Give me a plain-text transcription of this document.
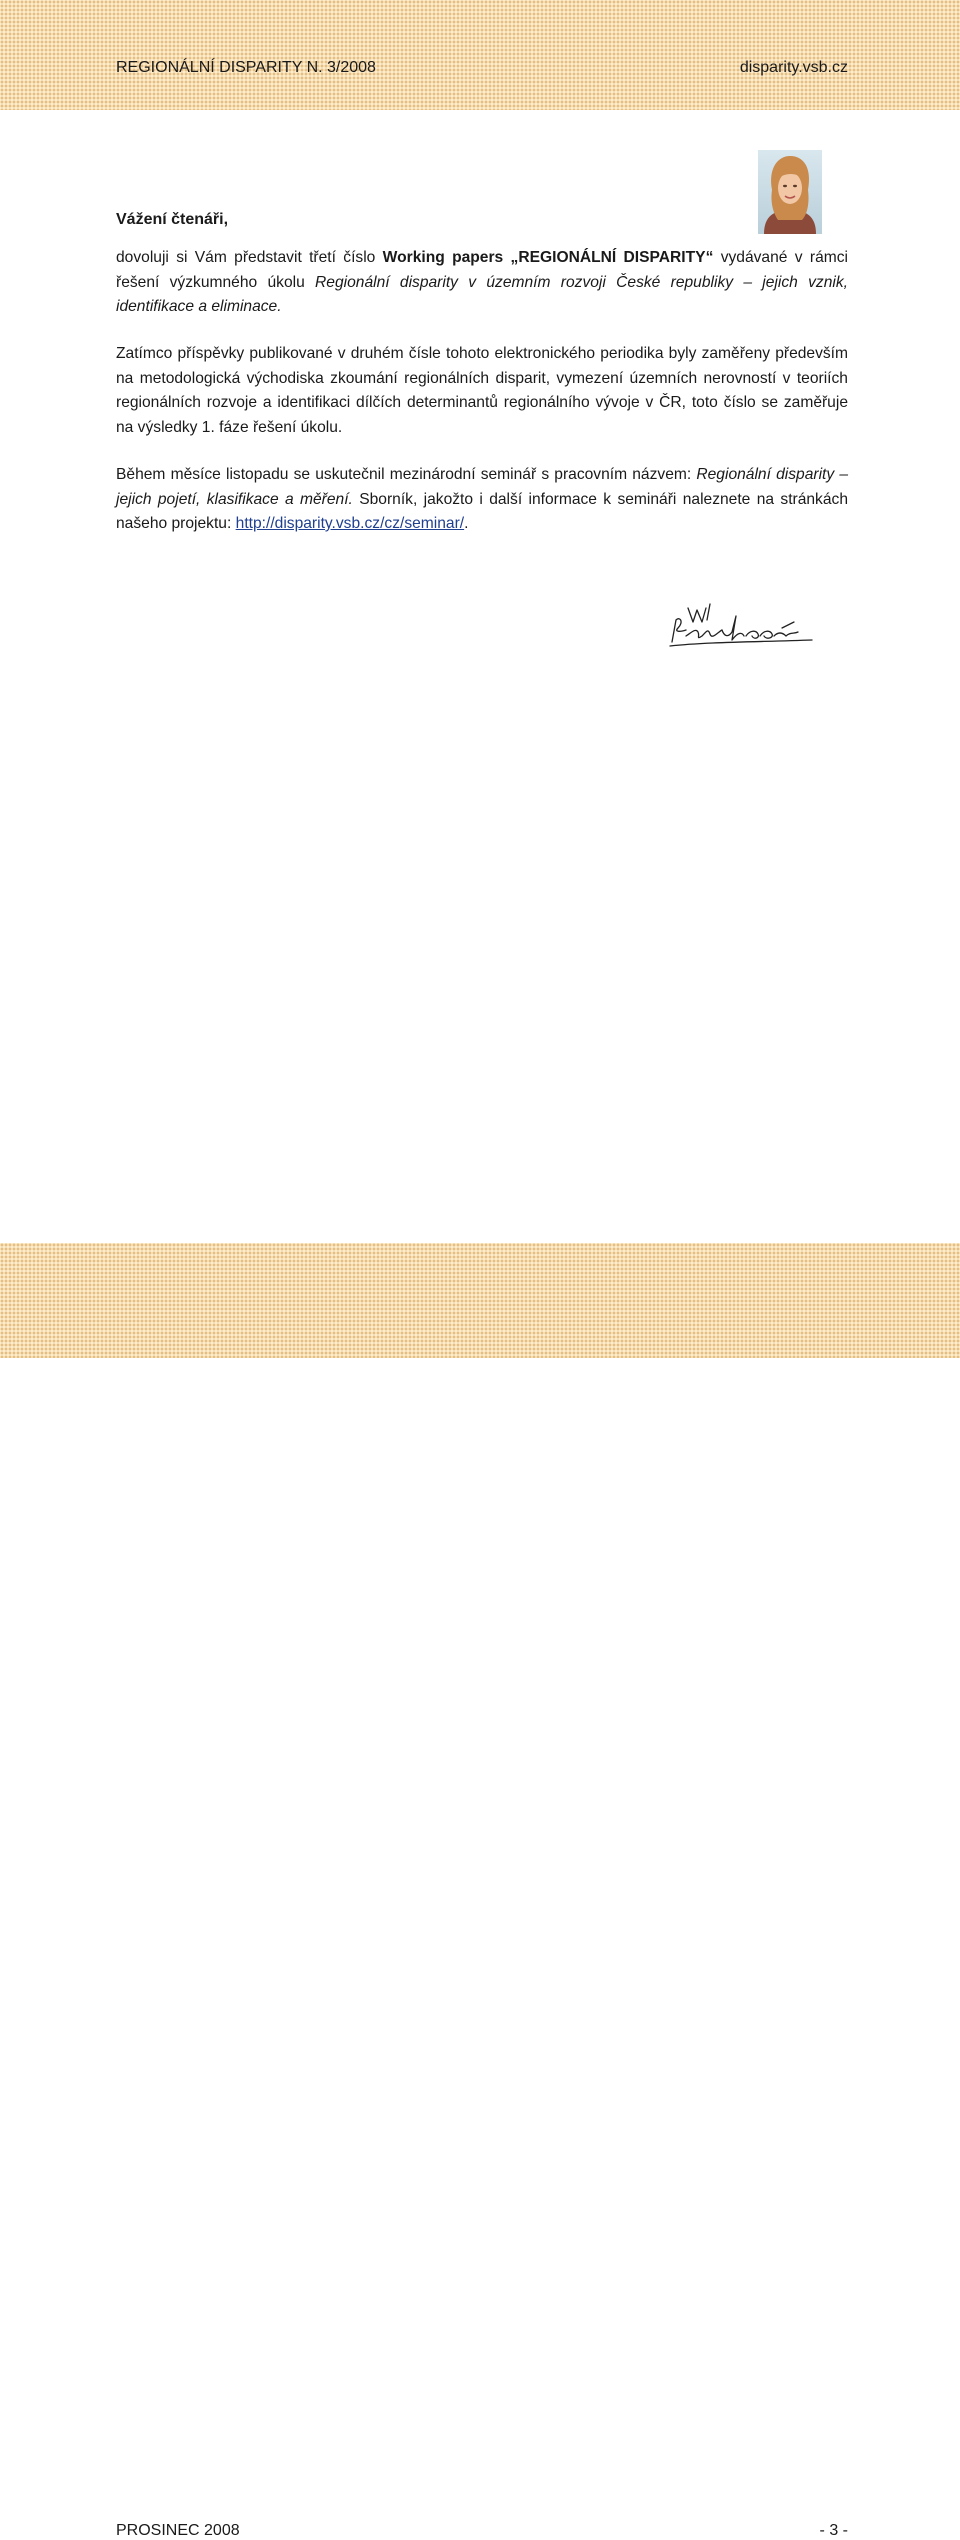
REGIONÁLNÍ DISPARITY N. 3/2008	disparity.vsb.cz
Vážení čtenáři,

dovoluji si Vám představit třetí číslo Working papers „REGIONÁLNÍ DISPARITY“ vydávané v rámci řešení výzkumného úkolu Regionální disparity v územním rozvoji České republiky – jejich vznik, identifikace a eliminace.

Zatímco příspěvky publikované v druhém čísle tohoto elektronického periodika byly zaměřeny především na metodologická východiska zkoumání regionálních disparit, vymezení územních nerovností v teoriích regionálních rozvoje a identifikaci dílčích determinantů regionálního vývoje v ČR, toto číslo se zaměřuje na výsledky 1. fáze řešení úkolu.

Během měsíce listopadu se uskutečnil mezinárodní seminář s pracovním názvem: Regionální disparity – jejich pojetí, klasifikace a měření. Sborník, jakožto i další informace k semináři naleznete na stránkách našeho projektu: http://disparity.vsb.cz/cz/seminar/.

PROSINEC 2008	- 3 -
